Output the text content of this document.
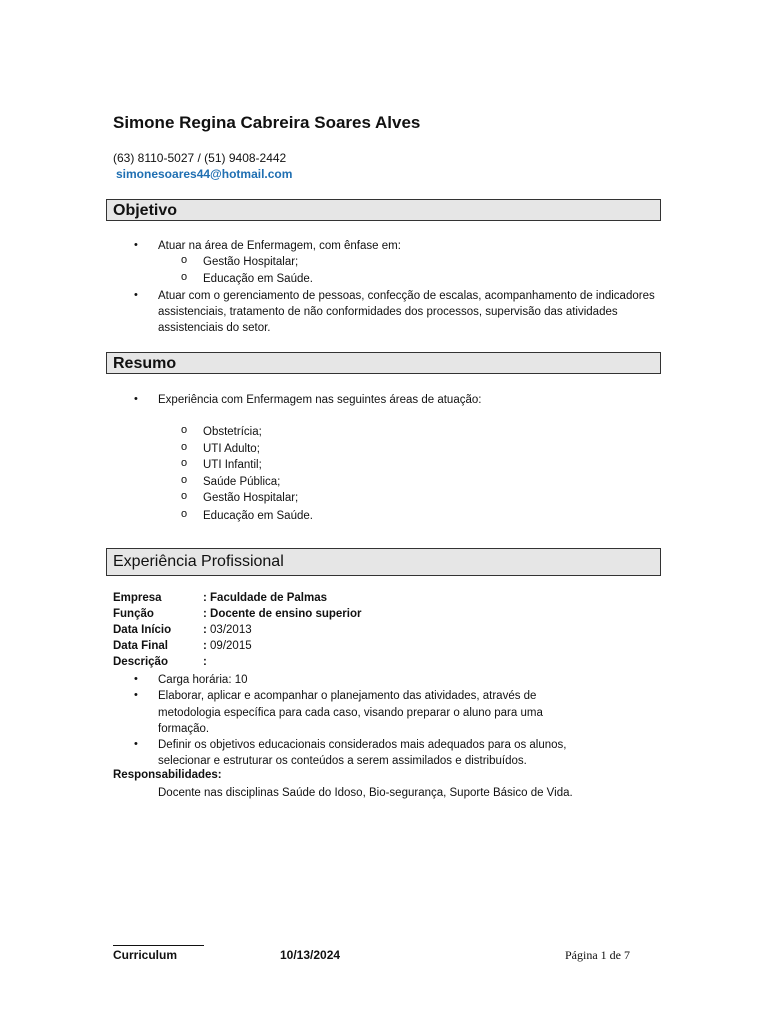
Simone Regina Cabreira Soares Alves
(63) 8110-5027 / (51) 9408-2442
simonesoares44@hotmail.com
Objetivo
• Atuar na área de Enfermagem, com ênfase em:
o Gestão Hospitalar;
o Educação em Saúde.
• Atuar com o gerenciamento de pessoas, confecção de escalas, acompanhamento de indicadores
assistenciais, tratamento de não conformidades dos processos, supervisão das atividades
assistenciais do setor.
Resumo
• Experiência com Enfermagem nas seguintes áreas de atuação:
o Obstetrícia;
o UTI Adulto;
o UTI Infantil;
o Saúde Pública;
o Gestão Hospitalar;
o Educação em Saúde.
Experiência Profissional
Empresa	: Faculdade de Palmas
Função	: Docente de ensino superior
Data Início	: 03/2013
Data Final	: 09/2015
Descrição	:
• Carga horária: 10
• Elaborar, aplicar e acompanhar o planejamento das atividades, através de
metodologia específica para cada caso, visando preparar o aluno para uma
formação.
• Definir os objetivos educacionais considerados mais adequados para os alunos,
selecionar e estruturar os conteúdos a serem assimilados e distribuídos.
Responsabilidades:
Docente nas disciplinas Saúde do Idoso, Bio-segurança, Suporte Básico de Vida.
Curriculum	10/13/2024	Página 1 de 7
